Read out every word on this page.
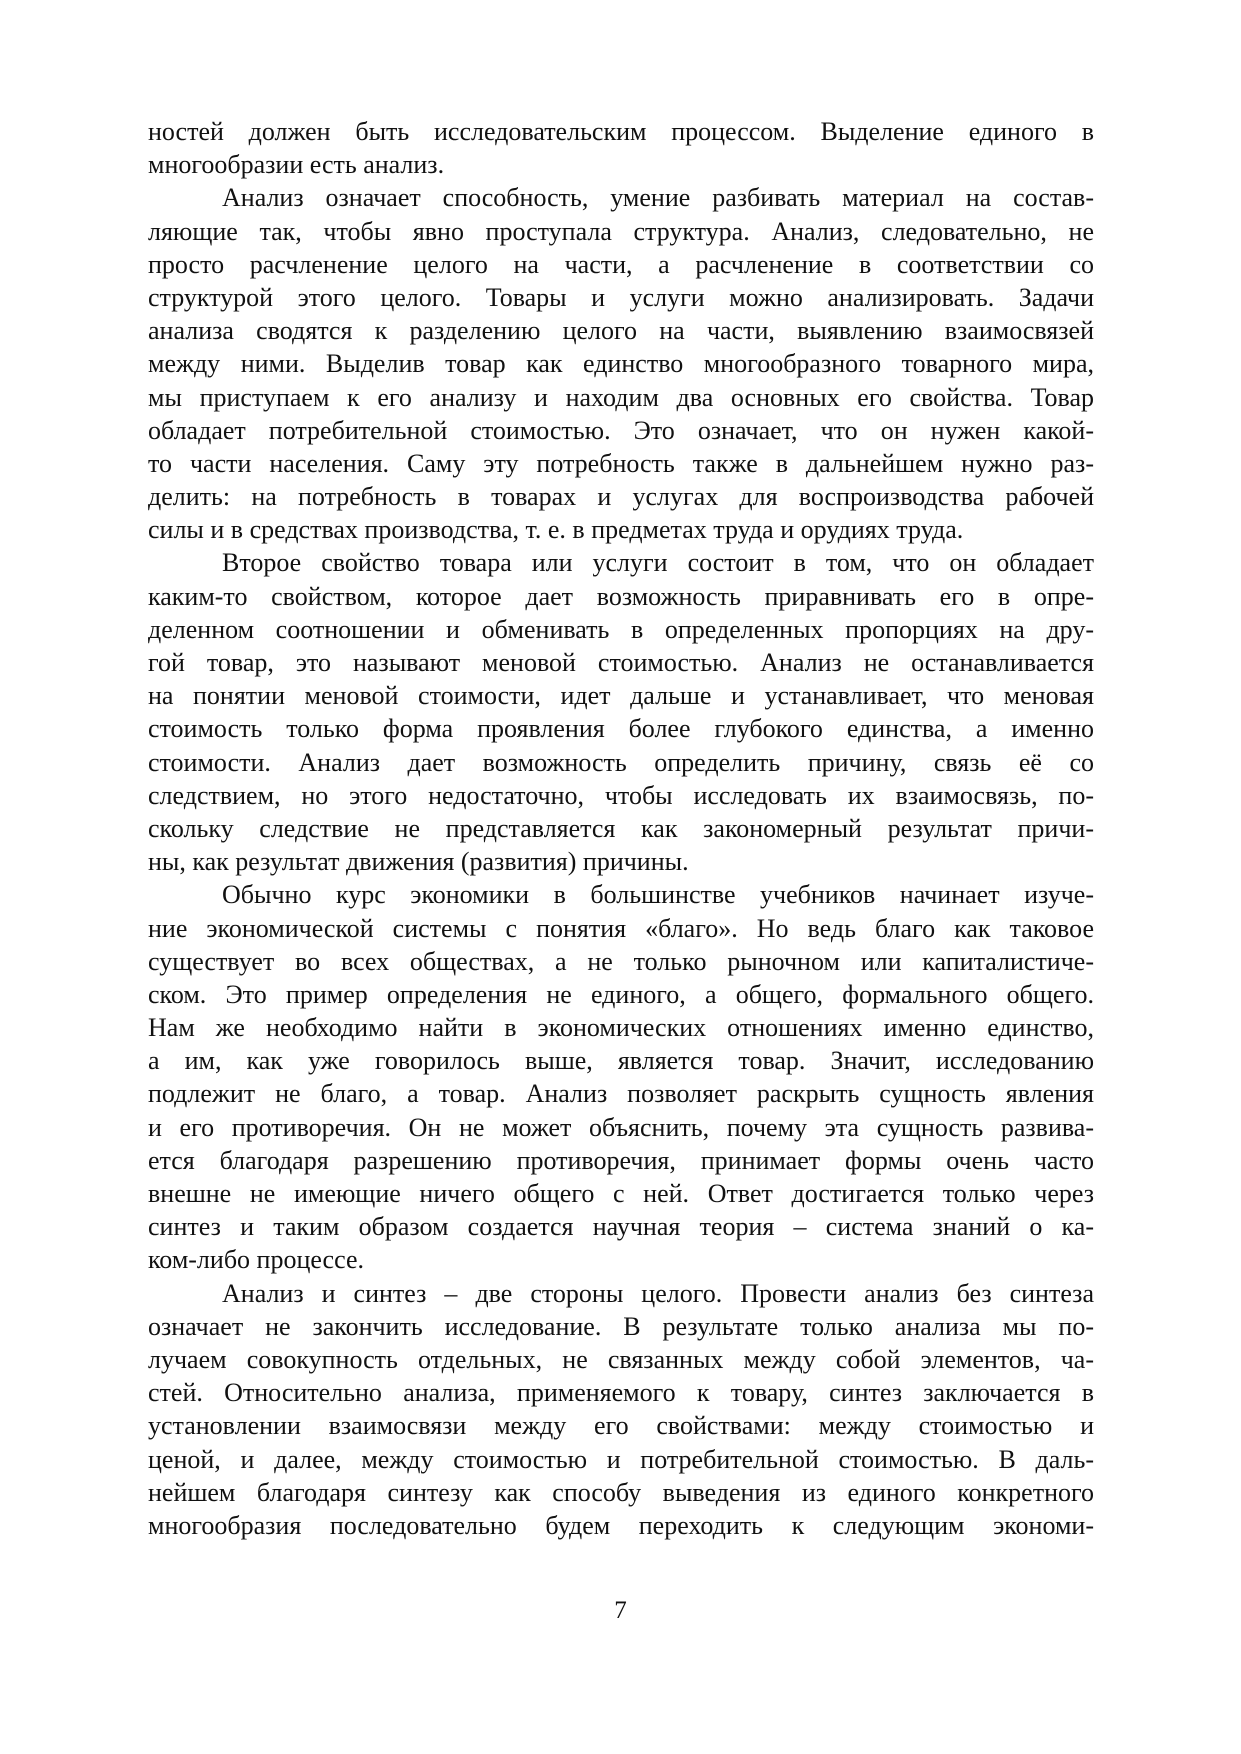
ностей должен быть исследовательским процессом. Выделение единого в
многообразии есть анализ.
Анализ означает способность, умение разбивать материал на состав-
ляющие так, чтобы явно проступала структура. Анализ, следовательно, не
просто расчленение целого на части, а расчленение в соответствии со
структурой этого целого. Товары и услуги можно анализировать. Задачи
анализа сводятся к разделению целого на части, выявлению взаимосвязей
между ними. Выделив товар как единство многообразного товарного мира,
мы приступаем к его анализу и находим два основных его свойства. Товар
обладает потребительной стоимостью. Это означает, что он нужен какой-
то части населения. Саму эту потребность также в дальнейшем нужно раз-
делить: на потребность в товарах и услугах для воспроизводства рабочей
силы и в средствах производства, т. е. в предметах труда и орудиях труда.
Второе свойство товара или услуги состоит в том, что он обладает
каким-то свойством, которое дает возможность приравнивать его в опре-
деленном соотношении и обменивать в определенных пропорциях на дру-
гой товар, это называют меновой стоимостью. Анализ не останавливается
на понятии меновой стоимости, идет дальше и устанавливает, что меновая
стоимость только форма проявления более глубокого единства, а именно
стоимости. Анализ дает возможность определить причину, связь её со
следствием, но этого недостаточно, чтобы исследовать их взаимосвязь, по-
скольку следствие не представляется как закономерный результат причи-
ны, как результат движения (развития) причины.
Обычно курс экономики в большинстве учебников начинает изуче-
ние экономической системы с понятия «благо». Но ведь благо как таковое
существует во всех обществах, а не только рыночном или капиталистиче-
ском. Это пример определения не единого, а общего, формального общего.
Нам же необходимо найти в экономических отношениях именно единство,
а им, как уже говорилось выше, является товар. Значит, исследованию
подлежит не благо, а товар. Анализ позволяет раскрыть сущность явления
и его противоречия. Он не может объяснить, почему эта сущность развива-
ется благодаря разрешению противоречия, принимает формы очень часто
внешне не имеющие ничего общего с ней. Ответ достигается только через
синтез и таким образом создается научная теория – система знаний о ка-
ком-либо процессе.
Анализ и синтез – две стороны целого. Провести анализ без синтеза
означает не закончить исследование. В результате только анализа мы по-
лучаем совокупность отдельных, не связанных между собой элементов, ча-
стей. Относительно анализа, применяемого к товару, синтез заключается в
установлении взаимосвязи между его свойствами: между стоимостью и
ценой, и далее, между стоимостью и потребительной стоимостью. В даль-
нейшем благодаря синтезу как способу выведения из единого конкретного
многообразия последовательно будем переходить к следующим экономи-
7
